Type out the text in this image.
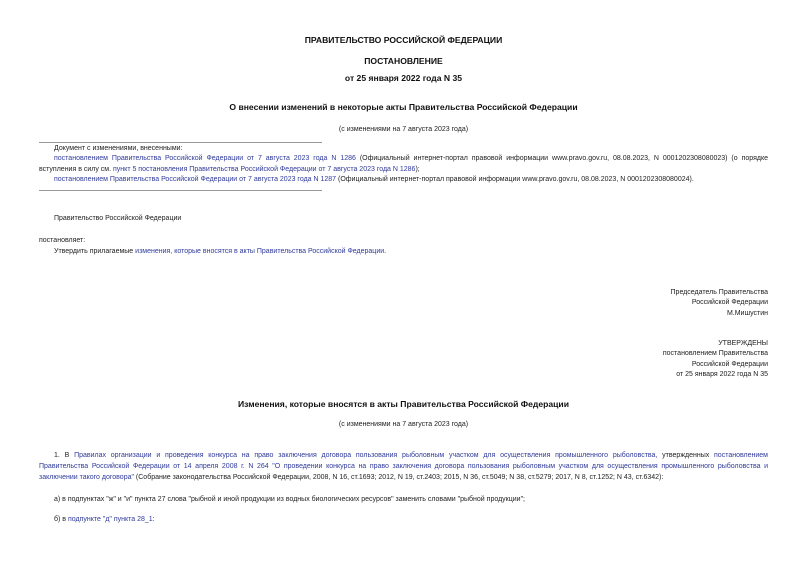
ПРАВИТЕЛЬСТВО РОССИЙСКОЙ ФЕДЕРАЦИИ
ПОСТАНОВЛЕНИЕ
от 25 января 2022 года N 35
О внесении изменений в некоторые акты Правительства Российской Федерации
(с изменениями на 7 августа 2023 года)
Документ с изменениями, внесенными:
постановлением Правительства Российской Федерации от 7 августа 2023 года N 1286 (Официальный интернет-портал правовой информации www.pravo.gov.ru, 08.08.2023, N 0001202308080023) (о порядке
вступления в силу см. пункт 5 постановления Правительства Российской Федерации от 7 августа 2023 года N 1286);
постановлением Правительства Российской Федерации от 7 августа 2023 года N 1287 (Официальный интернет-портал правовой информации www.pravo.gov.ru, 08.08.2023, N 0001202308080024).
Правительство Российской Федерации
постановляет:
Утвердить прилагаемые изменения, которые вносятся в акты Правительства Российской Федерации.
Председатель Правительства
Российской Федерации
М.Мишустин
УТВЕРЖДЕНЫ
постановлением Правительства
Российской Федерации
от 25 января 2022 года N 35
Изменения, которые вносятся в акты Правительства Российской Федерации
(с изменениями на 7 августа 2023 года)
1. В Правилах организации и проведения конкурса на право заключения договора пользования рыболовным участком для осуществления промышленного рыболовства, утвержденных постановлением
Правительства Российской Федерации от 14 апреля 2008 г. N 264 "О проведении конкурса на право заключения договора пользования рыболовным участком для осуществления промышленного рыболовства и
заключении такого договора" (Собрание законодательства Российской Федерации, 2008, N 16, ст.1693; 2012, N 19, ст.2403; 2015, N 36, ст.5049; N 38, ст.5279; 2017, N 8, ст.1252; N 43, ст.6342):
а) в подпунктах "ж" и "и" пункта 27 слова "рыбной и иной продукции из водных биологических ресурсов" заменить словами "рыбной продукции";
б) в подпункте "д" пункта 28_1:
